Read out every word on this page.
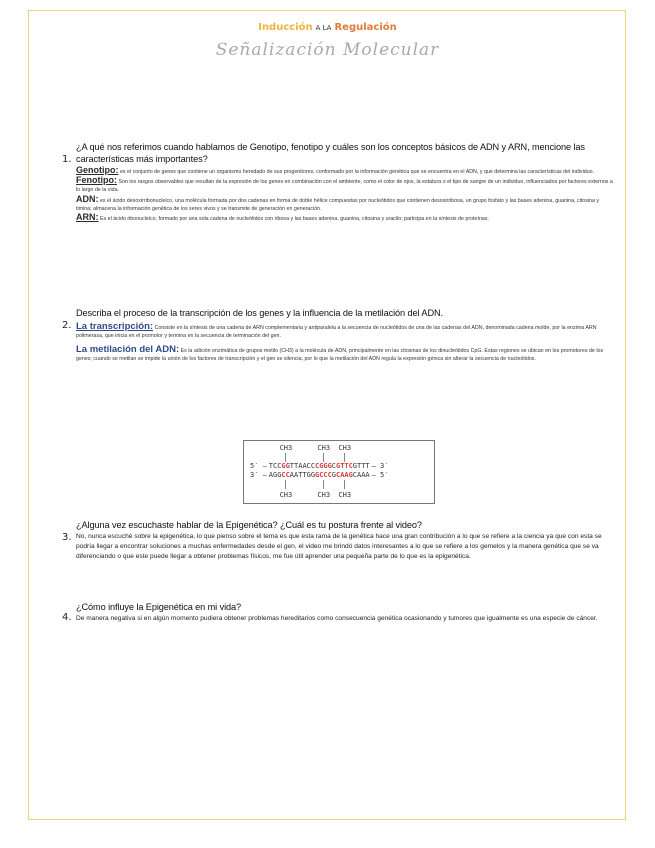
Inducción A LA Regulación
Señalización Molecular
1.
¿A qué nos referimos cuando hablamos de Genotipo, fenotipo y cuáles son los conceptos básicos de ADN y ARN, mencione las características más importantes?

Genotipo: es el conjunto de genes que contiene un organismo heredado de sus progenitores, conformado por la información genética que se encuentra en el ADN, y que determina las características del individuo.

Fenotipo: Son los rasgos observables que resultan de la expresión de los genes en combinación con el ambiente, como el color de ojos, la estatura o el tipo de sangre de un individuo, influenciados por factores externos a lo largo de la vida.

ADN: es el ácido desoxirribonucleico, una molécula formada por dos cadenas en forma de doble hélice compuestas por nucleótidos que contienen desoxirribosa, un grupo fosfato y las bases adenina, guanina, citosina y timina; almacena la información genética de los seres vivos y se transmite de generación en generación.

ARN: Es el ácido ribonucleico, formado por una sola cadena de nucleótidos con ribosa y las bases adenina, guanina, citosina y uracilo; participa en la síntesis de proteínas.

2.
Describa el proceso de la transcripción de los genes y la influencia de la metilación del ADN.

La transcripción: Consiste en la síntesis de una cadena de ARN complementaria y antiparalela a la secuencia de nucleótidos de una de las cadenas del ADN, denominada cadena molde, por la enzima ARN polimerasa, que inicia en el promotor y termina en la secuencia de terminación del gen.

La metilación del ADN: Es la adición enzimática de grupos metilo (CH3) a la molécula de ADN, principalmente en las citosinas de los dinucleótidos CpG. Estas regiones se ubican en los promotores de los genes; cuando se metilan se impide la unión de los factores de transcripción y el gen se silencia, por lo que la metilación del ADN regula la expresión génica sin alterar la secuencia de nucleótidos.

5′ — TCC GG TTAACC CGGG C GTTC G TTT — 3′
3′ — AGG CC AATTGG GCCC G CAAG C AAA — 5′
CH3	CH3 CH3
CH3	CH3 CH3
3.
¿Alguna vez escuchaste hablar de la Epigenética? ¿Cuál es tu postura frente al video?
No, nunca escuché sobre la epigenética, lo que pienso sobre el tema es que esta rama de la genética hace una gran contribución a lo que se refiere a la ciencia ya que con esta se podría llegar a encontrar soluciones a muchas enfermedades desde el gen, el video me brindó datos interesantes a lo que se refiere a los gemelos y la manera genética que se va diferenciando o que este puede llegar a obtener problemas físicos, me fue útil aprender una pequeña parte de lo que es la epigenética.
4.
¿Cómo influye la Epigenética en mi vida?
De manera negativa si en algún momento pudiera obtener problemas hereditarios como consecuencia genética ocasionando y tumores que igualmente es una especie de cáncer.
